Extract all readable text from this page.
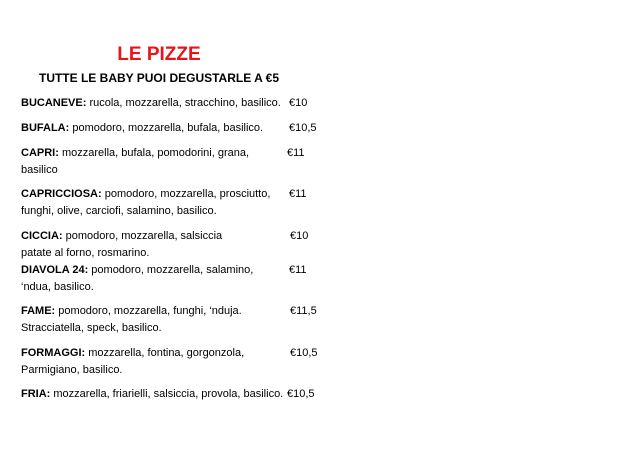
LE PIZZE

TUTTE LE BABY PUOI DEGUSTARLE A €5

BUCANEVE: rucola, mozzarella, stracchino, basilico. €10
BUFALA: pomodoro, mozzarella, bufala, basilico.	€10,5
CAPRI: mozzarella, bufala, pomodorini, grana,
basilico
€11
CAPRICCIOSA: pomodoro, mozzarella, prosciutto,
funghi, olive, carciofi, salamino, basilico.
€11
CICCIA: pomodoro, mozzarella, salsiccia
patate al forno, rosmarino.
€10
DIAVOLA 24: pomodoro, mozzarella, salamino,
‘ndua, basilico.
€11
FAME: pomodoro, mozzarella, funghi, ‘nduja.
Stracciatella, speck, basilico.
€11,5
FORMAGGI: mozzarella, fontina, gorgonzola,
Parmigiano, basilico.
€10,5
FRIA: mozzarella, friarielli, salsiccia, provola, basilico. €10,5
